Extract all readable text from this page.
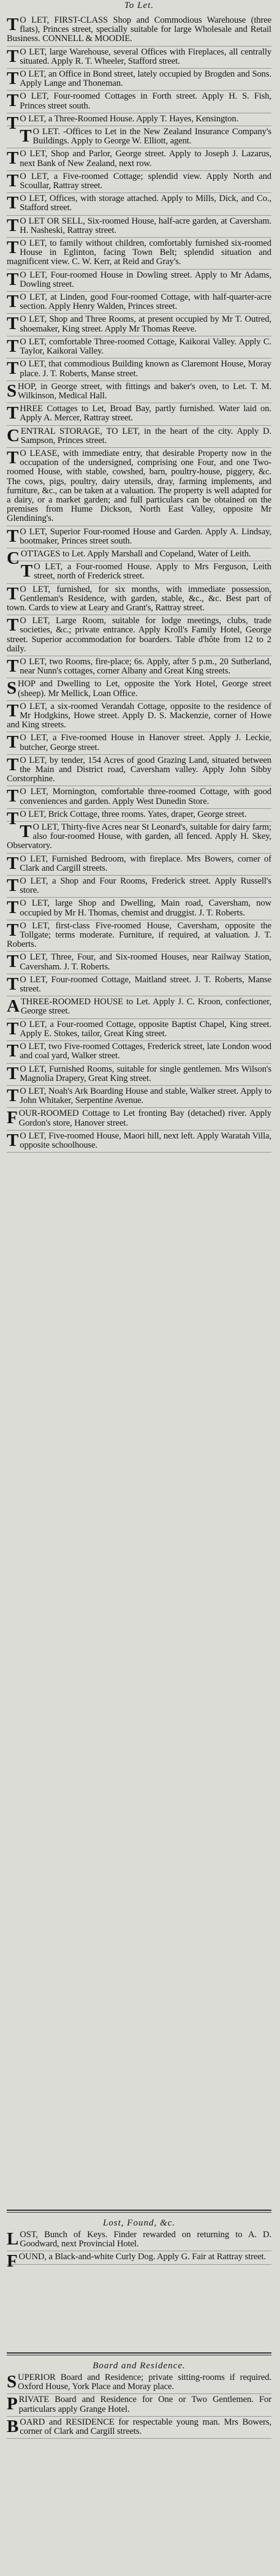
To Let.

TO LET, FIRST-CLASS Shop and Commodious Warehouse (three flats), Princes street, specially suitable for large Wholesale and Retail Business. CONNELL & MOODIE.

TO LET, large Warehouse, several Offices with Fireplaces, all centrally situated. Apply R. T. Wheeler, Stafford street.

TO LET, an Office in Bond street, lately occupied by Brogden and Sons. Apply Lange and Thoneman.

TO LET, Four-roomed Cottages in Forth street. Apply H. S. Fish, Princes street south.

TO LET, a Three-Roomed House. Apply T. Hayes, Kensington.

TO LET. -Offices to Let in the New Zealand Insurance Company's Buildings. Apply to George W. Elliott, agent.

TO LET, Shop and Parlor, George street. Apply to Joseph J. Lazarus, next Bank of New Zealand, next row.

TO LET, a Five-roomed Cottage; splendid view. Apply North and Scoullar, Rattray street.

TO LET, Offices, with storage attached. Apply to Mills, Dick, and Co., Stafford street.

TO LET OR SELL, Six-roomed House, half-acre garden, at Caversham. H. Nasheski, Rattray street.

TO LET, to family without children, comfortably furnished six-roomed House in Eglinton, facing Town Belt; splendid situation and magnificent view. C. W. Kerr, at Reid and Gray's.

TO LET, Four-roomed House in Dowling street. Apply to Mr Adams, Dowling street.

TO LET, at Linden, good Four-roomed Cottage, with half-quarter-acre section. Apply Henry Walden, Princes street.

TO LET, Shop and Three Rooms, at present occupied by Mr T. Outred, shoemaker, King street. Apply Mr Thomas Reeve.

TO LET, comfortable Three-roomed Cottage, Kaikorai Valley. Apply C. Taylor, Kaikorai Valley.

TO LET, that commodious Building known as Claremont House, Moray place. J. T. Roberts, Manse street.

SHOP, in George street, with fittings and baker's oven, to Let. T. M. Wilkinson, Medical Hall.

THREE Cottages to Let, Broad Bay, partly furnished. Water laid on. Apply A. Mercer, Rattray street.

CENTRAL STORAGE, TO LET, in the heart of the city. Apply D. Sampson, Princes street.

TO LEASE, with immediate entry, that desirable Property now in the occupation of the undersigned, comprising one Four, and one Two-roomed House, with stable, cowshed, barn, poultry-house, piggery, &c. The cows, pigs, poultry, dairy utensils, dray, farming implements, and furniture, &c., can be taken at a valuation. The property is well adapted for a dairy, or a market garden; and full particulars can be obtained on the premises from Hume Dickson, North East Valley, opposite Mr Glendining's.

TO LET, Superior Four-roomed House and Garden. Apply A. Lindsay, bootmaker, Princes street south.

COTTAGES to Let. Apply Marshall and Copeland, Water of Leith.

TO LET, a Four-roomed House. Apply to Mrs Ferguson, Leith street, north of Frederick street.

TO LET, furnished, for six months, with immediate possession, Gentleman's Residence, with garden, stable, &c., &c. Best part of town. Cards to view at Leary and Grant's, Rattray street.

TO LET, Large Room, suitable for lodge meetings, clubs, trade societies, &c.; private entrance. Apply Kroll's Family Hotel, George street. Superior accommodation for boarders. Table d'hôte from 12 to 2 daily.

TO LET, two Rooms, fire-place; 6s. Apply, after 5 p.m., 20 Sutherland, near Nunn's cottages, corner Albany and Great King streets.

SHOP and Dwelling to Let, opposite the York Hotel, George street (sheep). Mr Mellick, Loan Office.

TO LET, a six-roomed Verandah Cottage, opposite to the residence of Mr Hodgkins, Howe street. Apply D. S. Mackenzie, corner of Howe and King streets.

TO LET, a Five-roomed House in Hanover street. Apply J. Leckie, butcher, George street.

TO LET, by tender, 154 Acres of good Grazing Land, situated between the Main and District road, Caversham valley. Apply John Sibby Corstorphine.

TO LET, Mornington, comfortable three-roomed Cottage, with good conveniences and garden. Apply West Dunedin Store.

TO LET, Brick Cottage, three rooms. Yates, draper, George street.

TO LET, Thirty-five Acres near St Leonard's, suitable for dairy farm; also four-roomed House, with garden, all fenced. Apply H. Skey, Observatory.

TO LET, Furnished Bedroom, with fireplace. Mrs Bowers, corner of Clark and Cargill streets.

TO LET, a Shop and Four Rooms, Frederick street. Apply Russell's store.

TO LET, large Shop and Dwelling, Main road, Caversham, now occupied by Mr H. Thomas, chemist and druggist. J. T. Roberts.

TO LET, first-class Five-roomed House, Caversham, opposite the Tollgate; terms moderate. Furniture, if required, at valuation. J. T. Roberts.

TO LET, Three, Four, and Six-roomed Houses, near Railway Station, Caversham. J. T. Roberts.

TO LET, Four-roomed Cottage, Maitland street. J. T. Roberts, Manse street.

ATHREE-ROOMED HOUSE to Let. Apply J. C. Kroon, confectioner, George street.

TO LET, a Four-roomed Cottage, opposite Baptist Chapel, King street. Apply E. Stokes, tailor, Great King street.

TO LET, two Five-roomed Cottages, Frederick street, late London wood and coal yard, Walker street.

TO LET, Furnished Rooms, suitable for single gentlemen. Mrs Wilson's Magnolia Drapery, Great King street.

TO LET, Noah's Ark Boarding House and stable, Walker street. Apply to John Whitaker, Serpentine Avenue.

FOUR-ROOMED Cottage to Let fronting Bay (detached) river. Apply Gordon's store, Hanover street.

TO LET, Five-roomed House, Maori hill, next left. Apply Waratah Villa, opposite schoolhouse.

Lost, Found, &c.

LOST, Bunch of Keys. Finder rewarded on returning to A. D. Goodward, next Provincial Hotel.

FOUND, a Black-and-white Curly Dog. Apply G. Fair at Rattray street.

Board and Residence.

SUPERIOR Board and Residence; private sitting-rooms if required. Oxford House, York Place and Moray place.

PRIVATE Board and Residence for One or Two Gentlemen. For particulars apply Grange Hotel.

BOARD and RESIDENCE for respectable young man. Mrs Bowers, corner of Clark and Cargill streets.
